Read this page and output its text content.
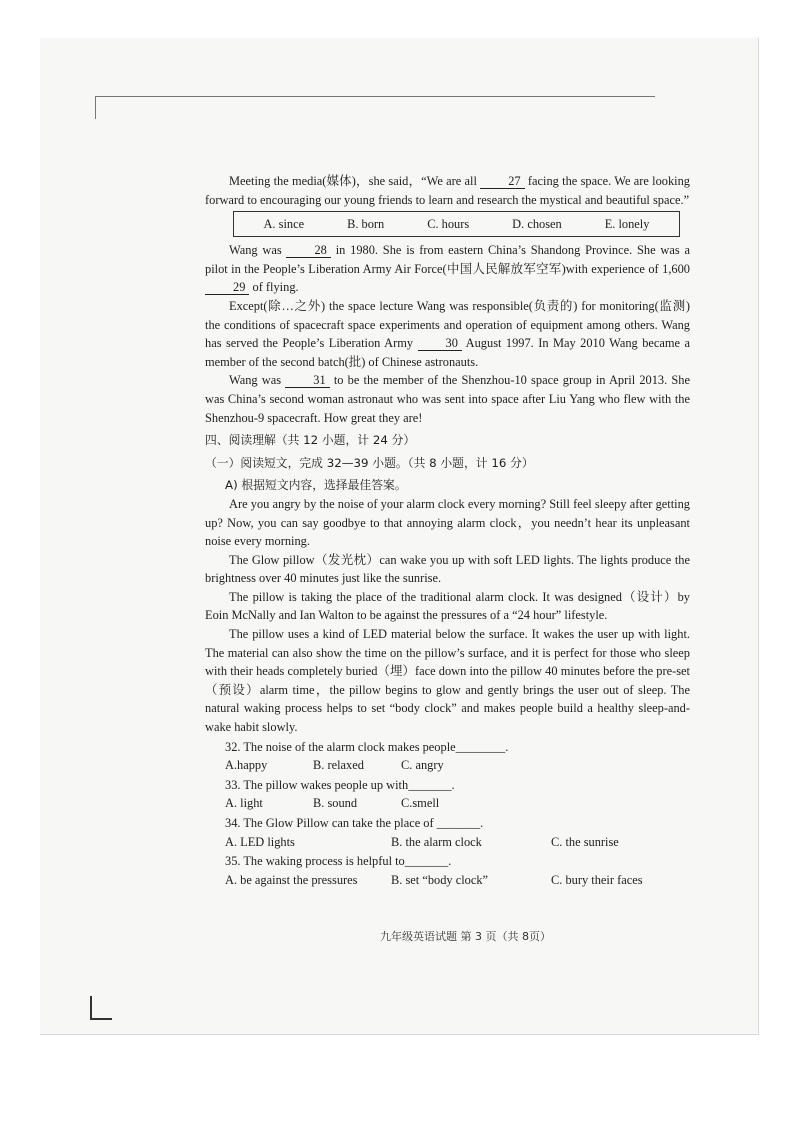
Meeting the media(媒体)，she said，“We are all	27 facing the space. We are looking forward to encouraging our young friends to learn and research the mystical and beautiful space.”

A. since	B. born	C. hours	D. chosen	E. lonely

Wang was	28 in 1980. She is from eastern China’s Shandong Province. She was a pilot in the People’s Liberation Army Air Force(中国人民解放军空军)with experience of 1,600 29 of flying.

Except(除…之外) the space lecture Wang was responsible(负责的) for monitoring(监测) the conditions of spacecraft space experiments and operation of equipment among others. Wang has served the People’s Liberation Army	30 August 1997. In May 2010 Wang became a member of the second batch(批) of Chinese astronauts.

Wang was	31 to be the member of the Shenzhou-10 space group in April 2013. She was China’s second woman astronaut who was sent into space after Liu Yang who flew with the Shenzhou-9 spacecraft. How great they are!

四、阅读理解（共 12 小题，计 24 分）

（一）阅读短文，完成 32—39 小题。（共 8 小题，计 16 分）

A) 根据短文内容，选择最佳答案。

Are you angry by the noise of your alarm clock every morning? Still feel sleepy after getting up? Now, you can say goodbye to that annoying alarm clock，you needn’t hear its unpleasant noise every morning.

The Glow pillow（发光枕）can wake you up with soft LED lights. The lights produce the brightness over 40 minutes just like the sunrise.

The pillow is taking the place of the traditional alarm clock. It was designed（设计）by Eoin McNally and Ian Walton to be against the pressures of a “24 hour” lifestyle.

The pillow uses a kind of LED material below the surface. It wakes the user up with light. The material can also show the time on the pillow’s surface, and it is perfect for those who sleep with their heads completely buried（埋）face down into the pillow 40 minutes before the pre-set（预设）alarm time，the pillow begins to glow and gently brings the user out of sleep. The natural waking process helps to set “body clock” and makes people build a healthy sleep-and-wake habit slowly.

32. The noise of the alarm clock makes people________.

A.happy	B. relaxed	C. angry

33. The pillow wakes people up with_______.

A. light	B. sound	C.smell

34. The Glow Pillow can take the place of _______.

A. LED lights	B. the alarm clock	C. the sunrise

35. The waking process is helpful to_______.

A. be against the pressures	B. set “body clock”	C. bury their faces
九年级英语试题 第 3 页（共 8页）
